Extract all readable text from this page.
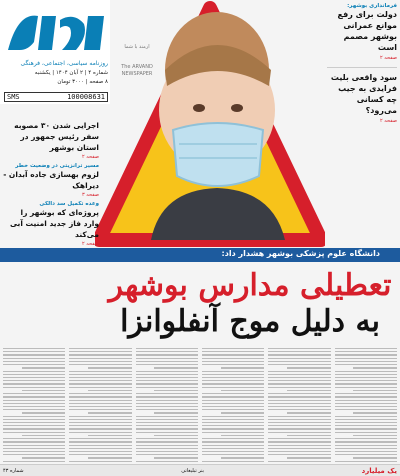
روزنامه سیاسی، اجتماعی، فرهنگی
شماره ۴ | ۲ آبان ۱۴۰۴ | یکشنبه
۸ صفحه | ۳۰۰۰ تومان
SMS	100008631
ارمند با شما
The ARVAND
NEWSPAPER
فرمانداری بوشهر:
دولت برای رفع موانع عمرانی بوشهر مصمم است
صفحه ۲
سود واقعی بلیت فرایدی به جیب چه کسانی می‌رود؟
صفحه ۲
اجرایی شدن ۳۰ مصوبه سفر رئیس جمهور در استان بوشهر
صفحه ۲
مسیر ترانزیتی در وضعیت خطر
لزوم بهسازی جاده آبدان - دیراهک
صفحه ۳
وعده تکمیل سد دالکی
پروژه‌ای که بوشهر را وارد فاز جدید امنیت آبی می‌کند
صفحه ۲
دانشگاه علوم پزشکی بوشهر هشدار داد:
تعطیلی مدارس بوشهر
به دلیل موج آنفلوانزا
شماره ۴۳	بنر تبلیغاتی	یک میلیارد
